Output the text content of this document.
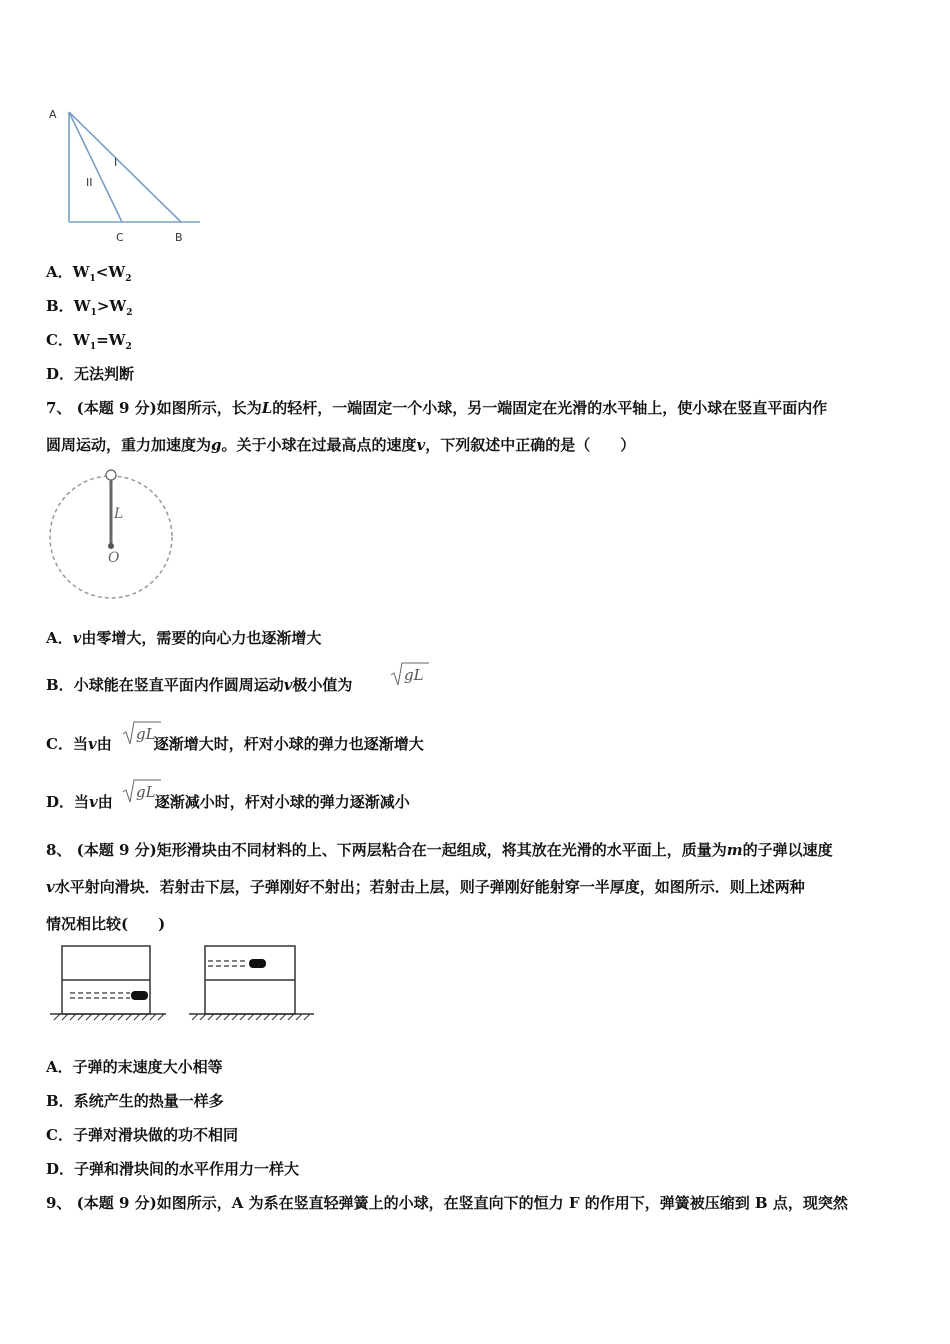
A
I
II
C	B
A．$W_1<W_2$
B．$W_1>W_2$
C．$W_1=W_2$
D．无法判断
7、 (本题 9 分)如图所示，长为L的轻杆，一端固定一个小球，另一端固定在光滑的水平轴上，使小球在竖直平面内作
圆周运动，重力加速度为g。关于小球在过最高点的速度v，下列叙述中正确的是（　　）
L
O
A．v由零增大，需要的向心力也逐渐增大
B．小球能在竖直平面内作圆周运动v极小值为
gL
C．当v由	逐渐增大时，杆对小球的弹力也逐渐增大
gL
D．当v由	逐渐减小时，杆对小球的弹力逐渐减小
gL
8、 (本题 9 分)矩形滑块由不同材料的上、下两层粘合在一起组成，将其放在光滑的水平面上，质量为m的子弹以速度
v水平射向滑块．若射击下层，子弹刚好不射出；若射击上层，则子弹刚好能射穿一半厚度，如图所示．则上述两种
情况相比较(　　)
A．子弹的末速度大小相等
B．系统产生的热量一样多
C．子弹对滑块做的功不相同
D．子弹和滑块间的水平作用力一样大
9、 (本题 9 分)如图所示，A 为系在竖直轻弹簧上的小球，在竖直向下的恒力 F 的作用下，弹簧被压缩到 B 点，现突然
